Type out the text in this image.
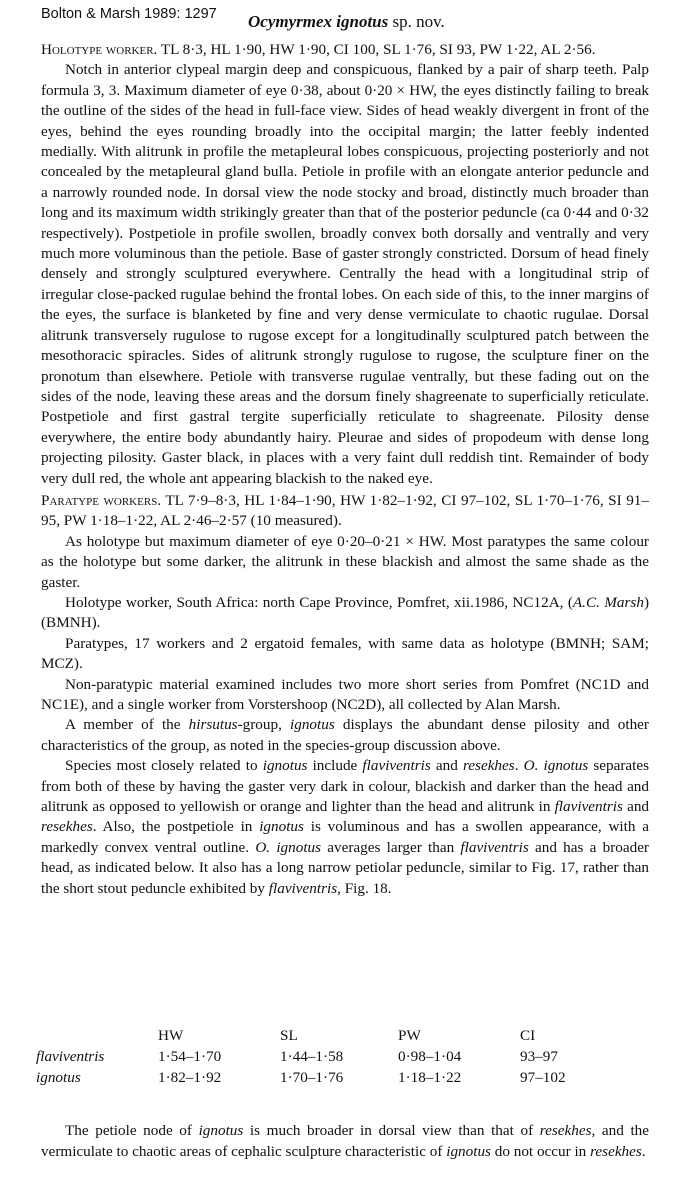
Bolton & Marsh 1989: 1297 Ocymyrmex ignotus sp. nov.

Holotype worker. TL 8·3, HL 1·90, HW 1·90, CI 100, SL 1·76, SI 93, PW 1·22, AL 2·56.

Notch in anterior clypeal margin deep and conspicuous, flanked by a pair of sharp teeth. Palp formula 3, 3. Maximum diameter of eye 0·38, about 0·20 × HW, the eyes distinctly failing to break the outline of the sides of the head in full-face view. Sides of head weakly divergent in front of the eyes, behind the eyes rounding broadly into the occipital margin; the latter feebly indented medially. With alitrunk in profile the metapleural lobes conspicuous, projecting posteriorly and not concealed by the metapleural gland bulla. Petiole in profile with an elongate anterior peduncle and a narrowly rounded node. In dorsal view the node stocky and broad, distinctly much broader than long and its maximum width strikingly greater than that of the posterior peduncle (ca 0·44 and 0·32 respectively). Postpetiole in profile swollen, broadly convex both dorsally and ventrally and very much more voluminous than the petiole. Base of gaster strongly constricted. Dorsum of head finely densely and strongly sculptured everywhere. Centrally the head with a longitudinal strip of irregular close-packed rugulae behind the frontal lobes. On each side of this, to the inner margins of the eyes, the surface is blanketed by fine and very dense vermiculate to chaotic rugulae. Dorsal alitrunk transversely rugulose to rugose except for a longitudinally sculptured patch between the mesothoracic spiracles. Sides of alitrunk strongly rugulose to rugose, the sculpture finer on the pronotum than elsewhere. Petiole with transverse rugulae ventrally, but these fading out on the sides of the node, leaving these areas and the dorsum finely shagreenate to superficially reticulate. Postpetiole and first gastral tergite superficially reticulate to shagreenate. Pilosity dense everywhere, the entire body abundantly hairy. Pleurae and sides of propodeum with dense long projecting pilosity. Gaster black, in places with a very faint dull reddish tint. Remainder of body very dull red, the whole ant appearing blackish to the naked eye.

Paratype workers. TL 7·9–8·3, HL 1·84–1·90, HW 1·82–1·92, CI 97–102, SL 1·70–1·76, SI 91–95, PW 1·18–1·22, AL 2·46–2·57 (10 measured).

As holotype but maximum diameter of eye 0·20–0·21 × HW. Most paratypes the same colour as the holotype but some darker, the alitrunk in these blackish and almost the same shade as the gaster.

Holotype worker, South Africa: north Cape Province, Pomfret, xii.1986, NC12A, (A.C. Marsh) (BMNH).

Paratypes, 17 workers and 2 ergatoid females, with same data as holotype (BMNH; SAM; MCZ).

Non-paratypic material examined includes two more short series from Pomfret (NC1D and NC1E), and a single worker from Vorstershoop (NC2D), all collected by Alan Marsh.

A member of the hirsutus-group, ignotus displays the abundant dense pilosity and other characteristics of the group, as noted in the species-group discussion above.

Species most closely related to ignotus include flaviventris and resekhes. O. ignotus separates from both of these by having the gaster very dark in colour, blackish and darker than the head and alitrunk as opposed to yellowish or orange and lighter than the head and alitrunk in flaviventris and resekhes. Also, the postpetiole in ignotus is voluminous and has a swollen appearance, with a markedly convex ventral outline. O. ignotus averages larger than flaviventris and has a broader head, as indicated below. It also has a long narrow petiolar peduncle, similar to Fig. 17, rather than the short stout peduncle exhibited by flaviventris, Fig. 18.

	HW	SL	PW	CI
flaviventris	1·54–1·70	1·44–1·58	0·98–1·04	93–97
ignotus	1·82–1·92	1·70–1·76	1·18–1·22	97–102

The petiole node of ignotus is much broader in dorsal view than that of resekhes, and the vermiculate to chaotic areas of cephalic sculpture characteristic of ignotus do not occur in resekhes.
